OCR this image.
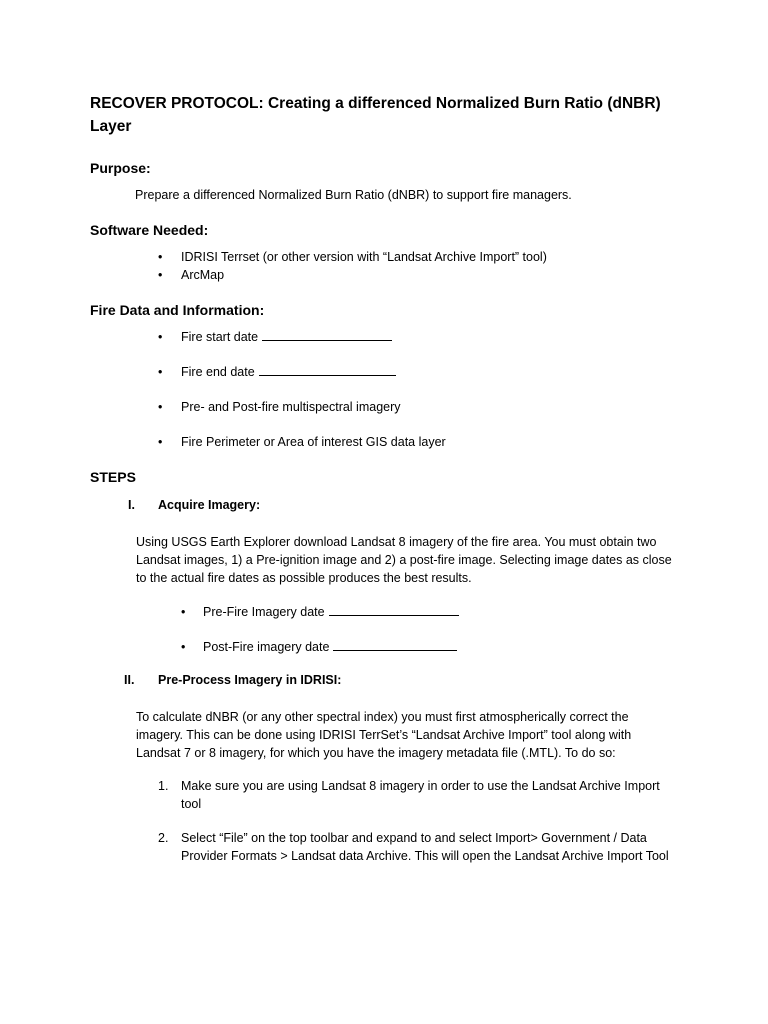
RECOVER PROTOCOL: Creating a differenced Normalized Burn Ratio (dNBR)
Layer
Purpose:
Prepare a differenced Normalized Burn Ratio (dNBR) to support fire managers.
Software Needed:
• IDRISI Terrset (or other version with “Landsat Archive Import” tool)
• ArcMap
Fire Data and Information:
• Fire start date
• Fire end date
• Pre- and Post-fire multispectral imagery
• Fire Perimeter or Area of interest GIS data layer
STEPS
I. Acquire Imagery:
Using USGS Earth Explorer download Landsat 8 imagery of the fire area. You must obtain two
Landsat images, 1) a Pre-ignition image and 2) a post-fire image. Selecting image dates as close
to the actual fire dates as possible produces the best results.
• Pre-Fire Imagery date
• Post-Fire imagery date
II. Pre-Process Imagery in IDRISI:
To calculate dNBR (or any other spectral index) you must first atmospherically correct the
imagery. This can be done using IDRISI TerrSet’s “Landsat Archive Import” tool along with
Landsat 7 or 8 imagery, for which you have the imagery metadata file (.MTL). To do so:
1. Make sure you are using Landsat 8 imagery in order to use the Landsat Archive Import
tool
2. Select “File” on the top toolbar and expand to and select Import> Government / Data
Provider Formats > Landsat data Archive. This will open the Landsat Archive Import Tool
